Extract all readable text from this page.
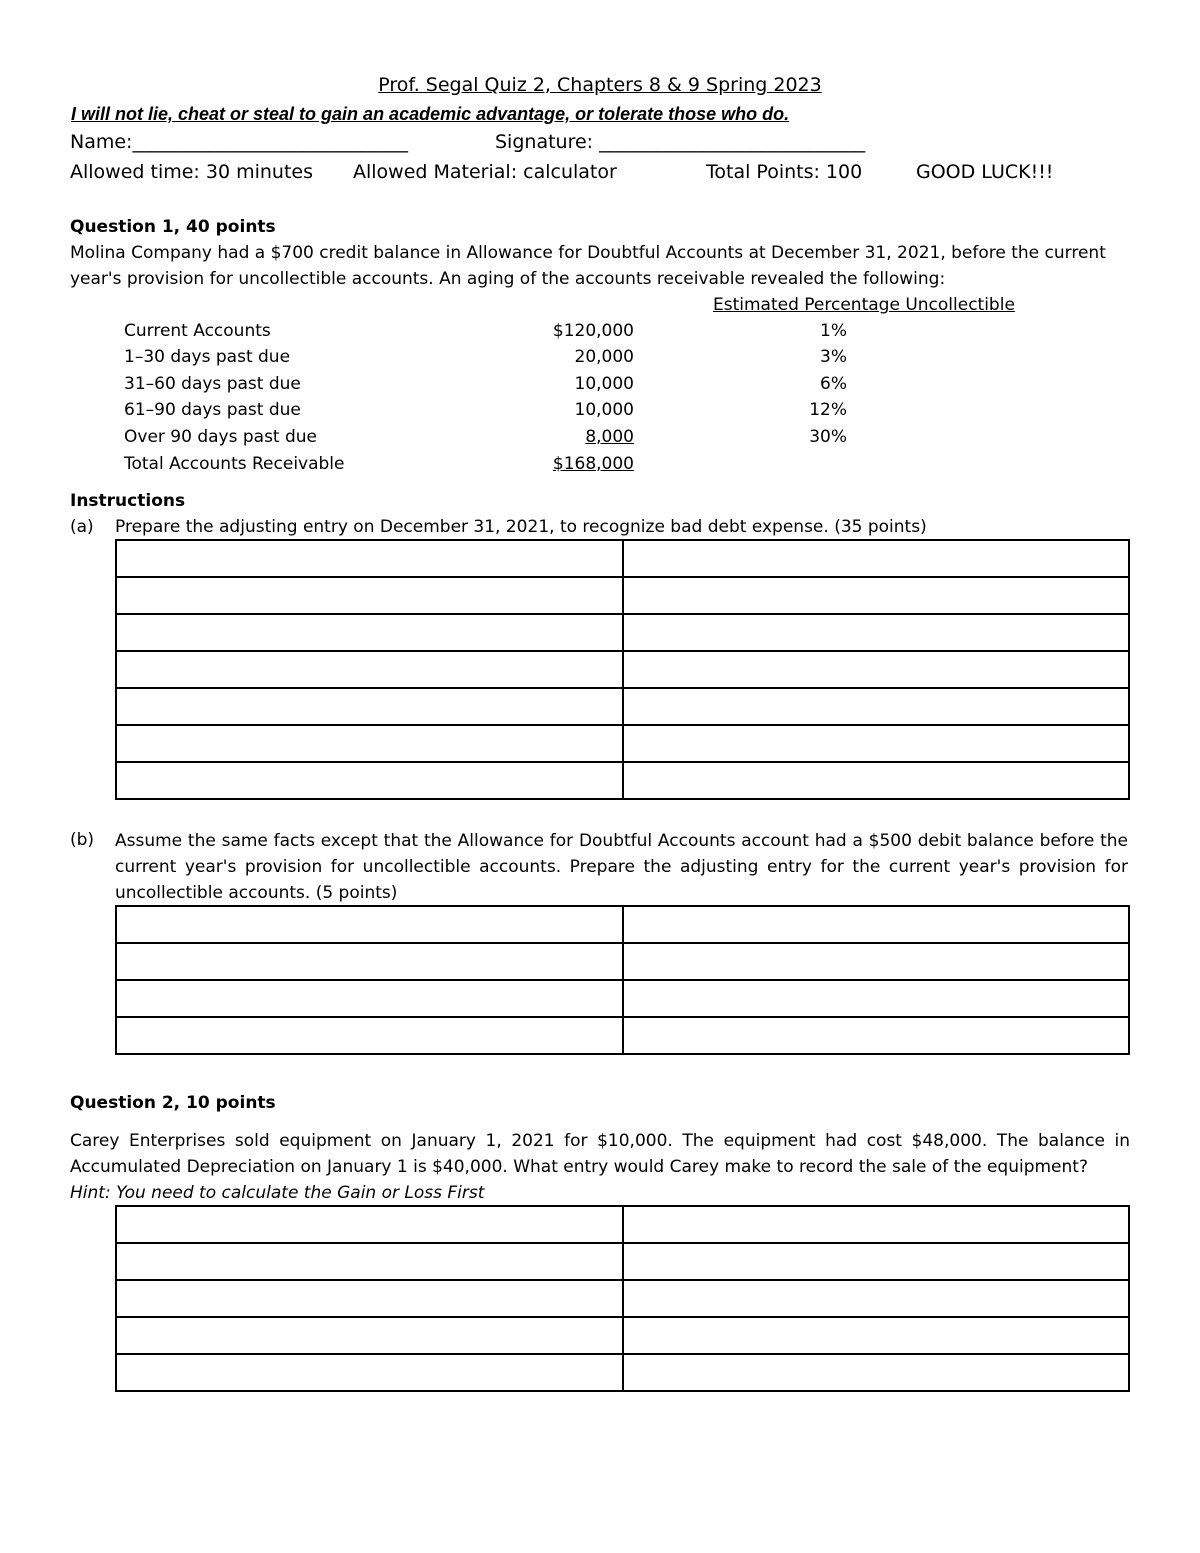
Prof. Segal Quiz 2, Chapters 8 & 9 Spring 2023
I will not lie, cheat or steal to gain an academic advantage, or tolerate those who do.
Name:_____________________________	Signature: ____________________________
Allowed time: 30 minutes Allowed Material: calculator	Total Points: 100	GOOD LUCK!!!
Question 1, 40 points
Molina Company had a $700 credit balance in Allowance for Doubtful Accounts at December 31, 2021, before the current year's provision for uncollectible accounts. An aging of the accounts receivable revealed the following:
Estimated Percentage Uncollectible
Current Accounts	$120,000	1%
1–30 days past due	20,000	3%
31–60 days past due	10,000	6%
61–90 days past due	10,000	12%
Over 90 days past due	8,000	30%
Total Accounts Receivable	$168,000
Instructions
(a) Prepare the adjusting entry on December 31, 2021, to recognize bad debt expense. (35 points)

(b) Assume the same facts except that the Allowance for Doubtful Accounts account had a $500 debit balance before the current year's provision for uncollectible accounts. Prepare the adjusting entry for the current year's provision for uncollectible accounts. (5 points)

Question 2, 10 points
Carey Enterprises sold equipment on January 1, 2021 for $10,000. The equipment had cost $48,000. The balance in Accumulated Depreciation on January 1 is $40,000. What entry would Carey make to record the sale of the equipment?
Hint: You need to calculate the Gain or Loss First
